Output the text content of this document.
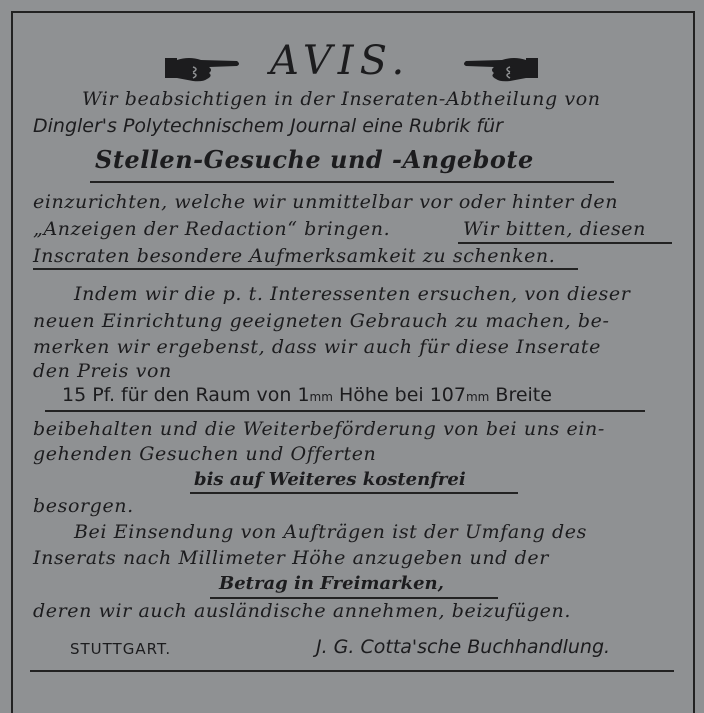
AVIS.
Wir beabsichtigen in der Inseraten-Abtheilung von
Dingler's Polytechnischem Journal eine Rubrik für
Stellen-Gesuche und -Angebote
einzurichten, welche wir unmittelbar vor oder hinter den
„Anzeigen der Redaction“ bringen.	Wir bitten, diesen
Inscraten besondere Aufmerksamkeit zu schenken.
Indem wir die p. t. Interessenten ersuchen, von dieser
neuen Einrichtung geeigneten Gebrauch zu machen, be-
merken wir ergebenst, dass wir auch für diese Inserate
den Preis von
15 Pf. für den Raum von 1mm Höhe bei 107mm Breite
beibehalten und die Weiterbeförderung von bei uns ein-
gehenden Gesuchen und Offerten
bis auf Weiteres kostenfrei
besorgen.
Bei Einsendung von Aufträgen ist der Umfang des
Inserats nach Millimeter Höhe anzugeben und der
Betrag in Freimarken,
deren wir auch ausländische annehmen, beizufügen.
STUTTGART.	J. G. Cotta'sche Buchhandlung.
